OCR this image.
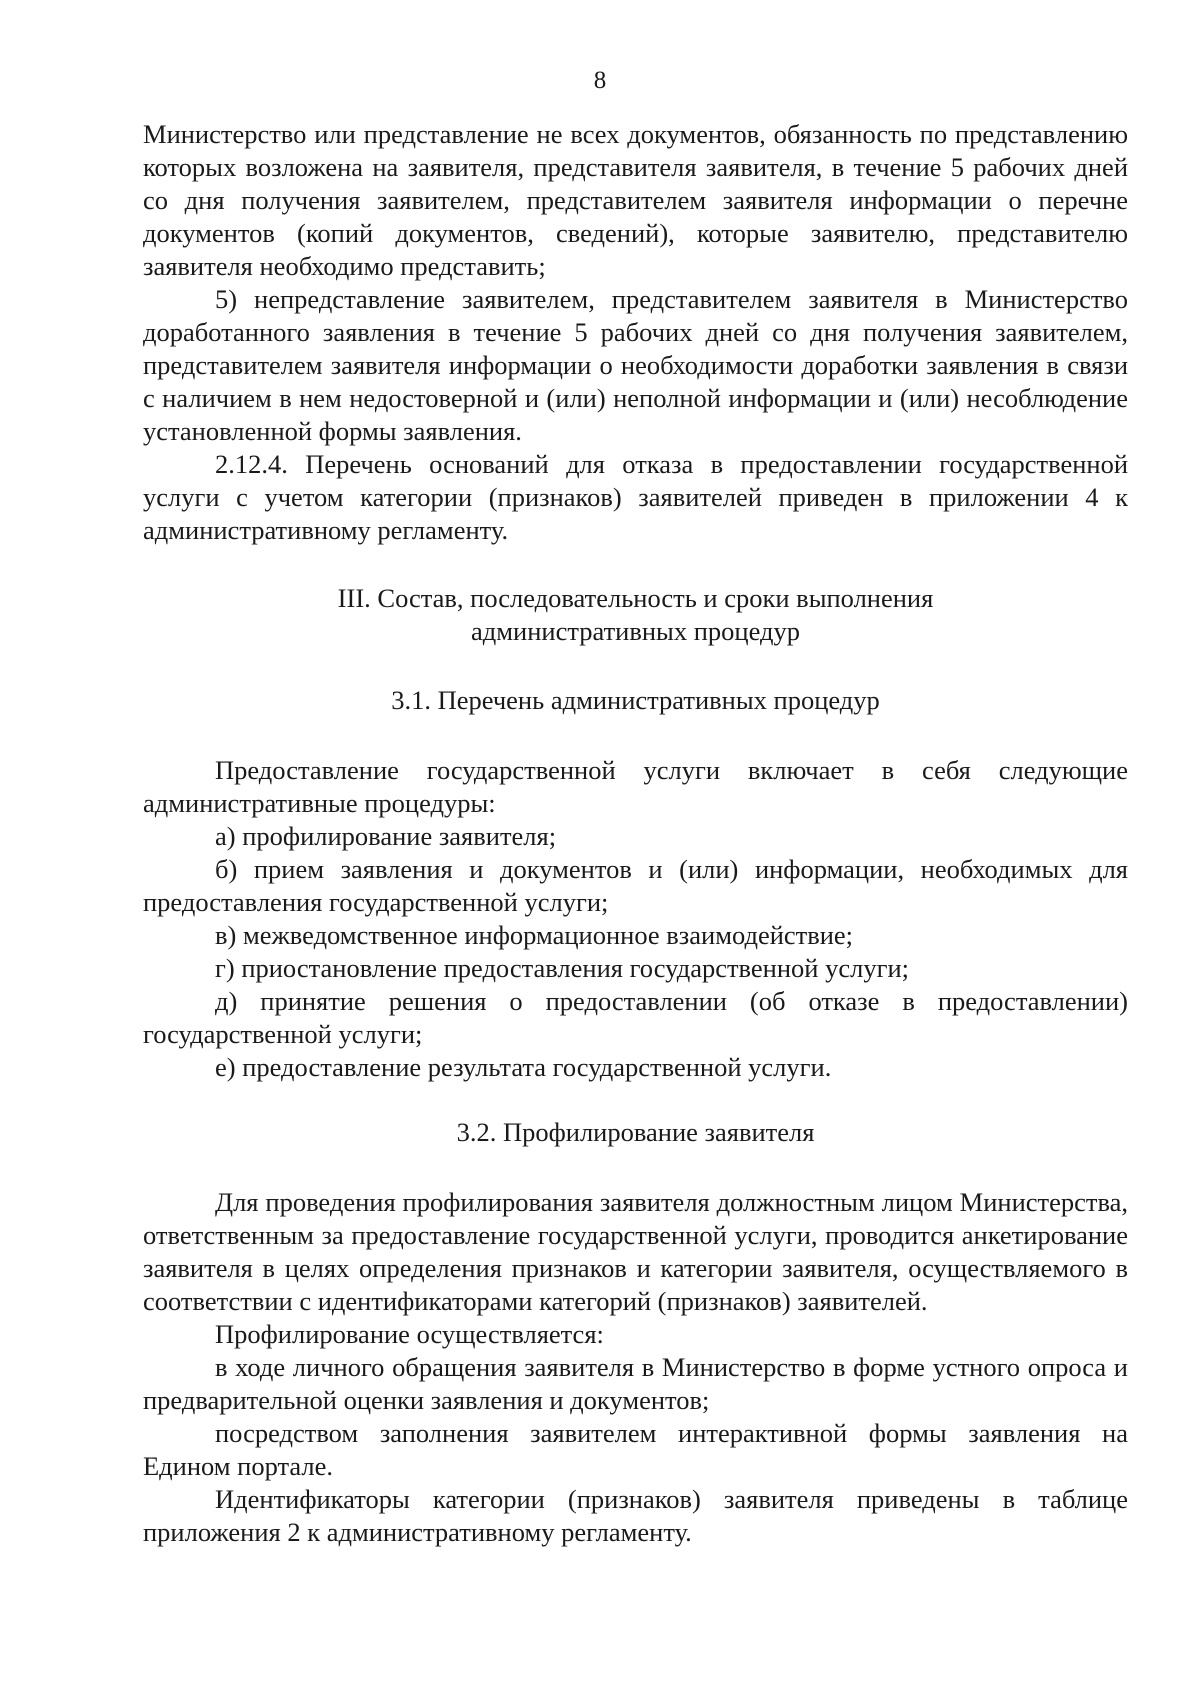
8

Министерство или представление не всех документов, обязанность по представлению которых возложена на заявителя, представителя заявителя, в течение 5 рабочих дней со дня получения заявителем, представителем заявителя информации о перечне документов (копий документов, сведений), которые заявителю, представителю заявителя необходимо представить;

5) непредставление заявителем, представителем заявителя в Министерство доработанного заявления в течение 5 рабочих дней со дня получения заявителем, представителем заявителя информации о необходимости доработки заявления в связи с наличием в нем недостоверной и (или) неполной информации и (или) несоблюдение установленной формы заявления.

2.12.4. Перечень оснований для отказа в предоставлении государственной услуги с учетом категории (признаков) заявителей приведен в приложении 4 к административному регламенту.

III. Состав, последовательность и сроки выполнения
административных процедур
3.1. Перечень административных процедур

Предоставление государственной услуги включает в себя следующие административные процедуры:

а) профилирование заявителя;

б) прием заявления и документов и (или) информации, необходимых для предоставления государственной услуги;

в) межведомственное информационное взаимодействие;

г) приостановление предоставления государственной услуги;

д) принятие решения о предоставлении (об отказе в предоставлении) государственной услуги;

е) предоставление результата государственной услуги.

3.2. Профилирование заявителя

Для проведения профилирования заявителя должностным лицом Министерства, ответственным за предоставление государственной услуги, проводится анкетирование заявителя в целях определения признаков и категории заявителя, осуществляемого в соответствии с идентификаторами категорий (признаков) заявителей.

Профилирование осуществляется:

в ходе личного обращения заявителя в Министерство в форме устного опроса и предварительной оценки заявления и документов;

посредством заполнения заявителем интерактивной формы заявления на Едином портале.

Идентификаторы категории (признаков) заявителя приведены в таблице приложения 2 к административному регламенту.
